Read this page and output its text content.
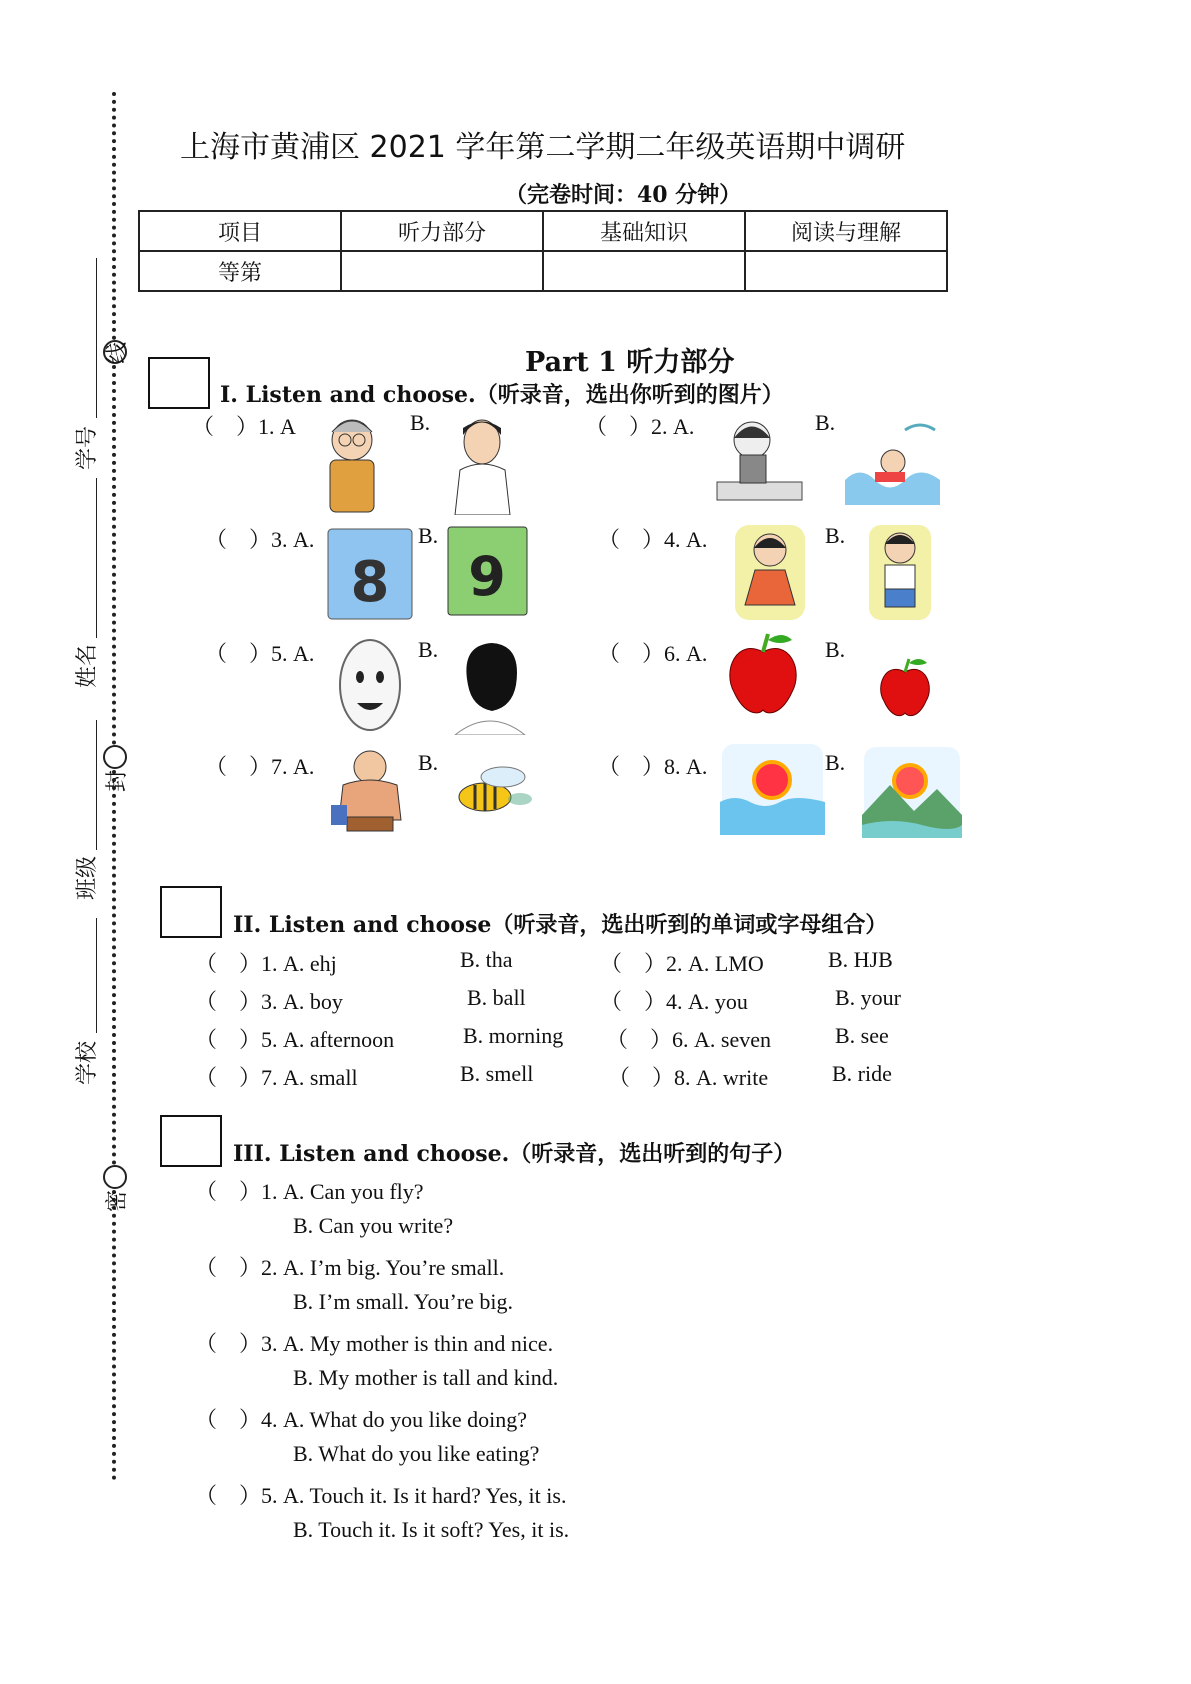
线
封
密
学号
姓名
班级
学校
上海市黄浦区 2021 学年第二学期二年级英语期中调研
（完卷时间：40 分钟）
项目	听力部分	基础知识	阅读与理解
等第			
Part 1 听力部分
I. Listen and choose.（听录音，选出你听到的图片）
（　）1. A	B.	（　）2. A.	B.
（　）3. A.	B.	（　）4. A.	B.
8 9
（　）5. A.	B.	（　）6. A.	B.
（　）7. A.	B.	（　）8. A.	B.
II. Listen and choose（听录音，选出听到的单词或字母组合）
（　）1. A. ehj	B. tha	（　）2. A. LMO	B. HJB
（　）3. A. boy	B. ball	（　）4. A. you	B. your
（　）5. A. afternoon	B. morning （　）6. A. seven	B. see
（　）7. A. small	B. smell	（　）8. A. write	B. ride
III. Listen and choose.（听录音，选出听到的句子）
（　）1. A. Can you fly?
B. Can you write?
（　）2. A. I’m big. You’re small.
B. I’m small. You’re big.
（　）3. A. My mother is thin and nice.
B. My mother is tall and kind.
（　）4. A. What do you like doing?
B. What do you like eating?
（　）5. A. Touch it. Is it hard? Yes, it is.
B. Touch it. Is it soft? Yes, it is.
